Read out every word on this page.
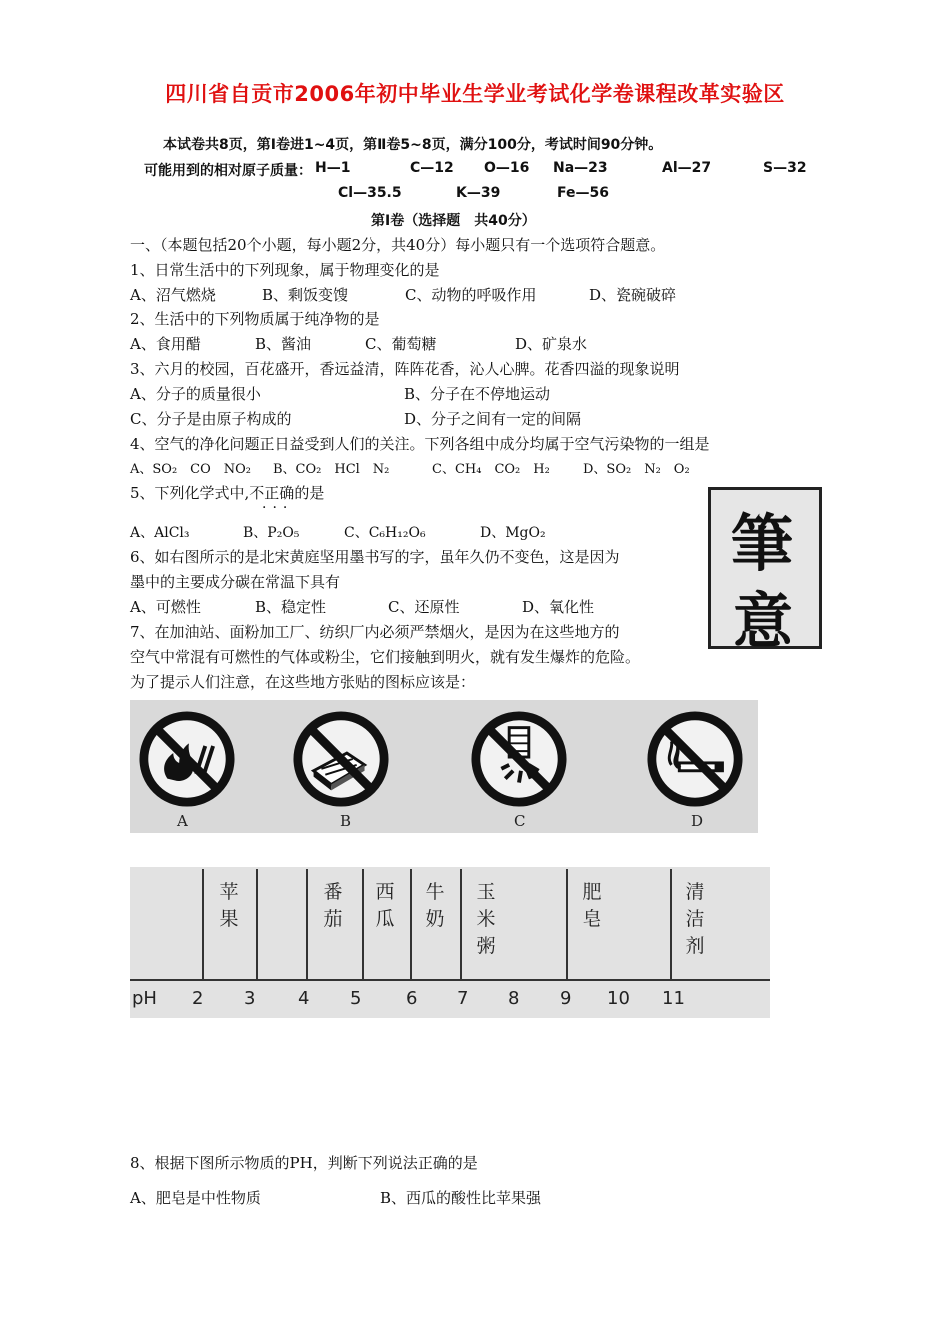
四川省自贡市2006年初中毕业生学业考试化学卷课程改革实验区
本试卷共8页，第Ⅰ卷进1~4页，第Ⅱ卷5~8页，满分100分，考试时间90分钟。
可能用到的相对原子质量： H—1	C—12 O—16 Na—23	Al—27	S—32
Cl—35.5	K—39	Fe—56
第Ⅰ卷（选择题　共40分）
一、（本题包括20个小题，每小题2分，共40分）每小题只有一个选项符合题意。
1、日常生活中的下列现象，属于物理变化的是
A、沼气燃烧	B、剩饭变馊	C、动物的呼吸作用	D、瓷碗破碎
2、生活中的下列物质属于纯净物的是
A、食用醋	B、酱油	C、葡萄糖	D、矿泉水
3、六月的校园，百花盛开，香远益清，阵阵花香，沁人心脾。花香四溢的现象说明
A、分子的质量很小	B、分子在不停地运动
C、分子是由原子构成的	D、分子之间有一定的间隔
4、空气的净化问题正日益受到人们的关注。下列各组中成分均属于空气污染物的一组是
A、SO₂　CO　NO₂ B、CO₂　HCl　N₂	C、CH₄　CO₂　H₂	D、SO₂　N₂　O₂
5、下列化学式中,不正确的是
···
A、AlCl₃	B、P₂O₅	C、C₆H₁₂O₆	D、MgO₂	筆
意
6、如右图所示的是北宋黄庭坚用墨书写的字，虽年久仍不变色，这是因为
墨中的主要成分碳在常温下具有
A、可燃性	B、稳定性	C、还原性	D、氧化性
7、在加油站、面粉加工厂、纺织厂内必须严禁烟火，是因为在这些地方的
空气中常混有可燃性的气体或粉尘，它们接触到明火，就有发生爆炸的危险。
为了提示人们注意，在这些地方张贴的图标应该是：
A	B	C	D
苹果
番茄
西瓜
牛奶
玉米粥
肥皂
清洁剂
pH 2 3 4 5 6 7 8 9 10 11
8、根据下图所示物质的PH，判断下列说法正确的是
A、肥皂是中性物质	B、西瓜的酸性比苹果强
